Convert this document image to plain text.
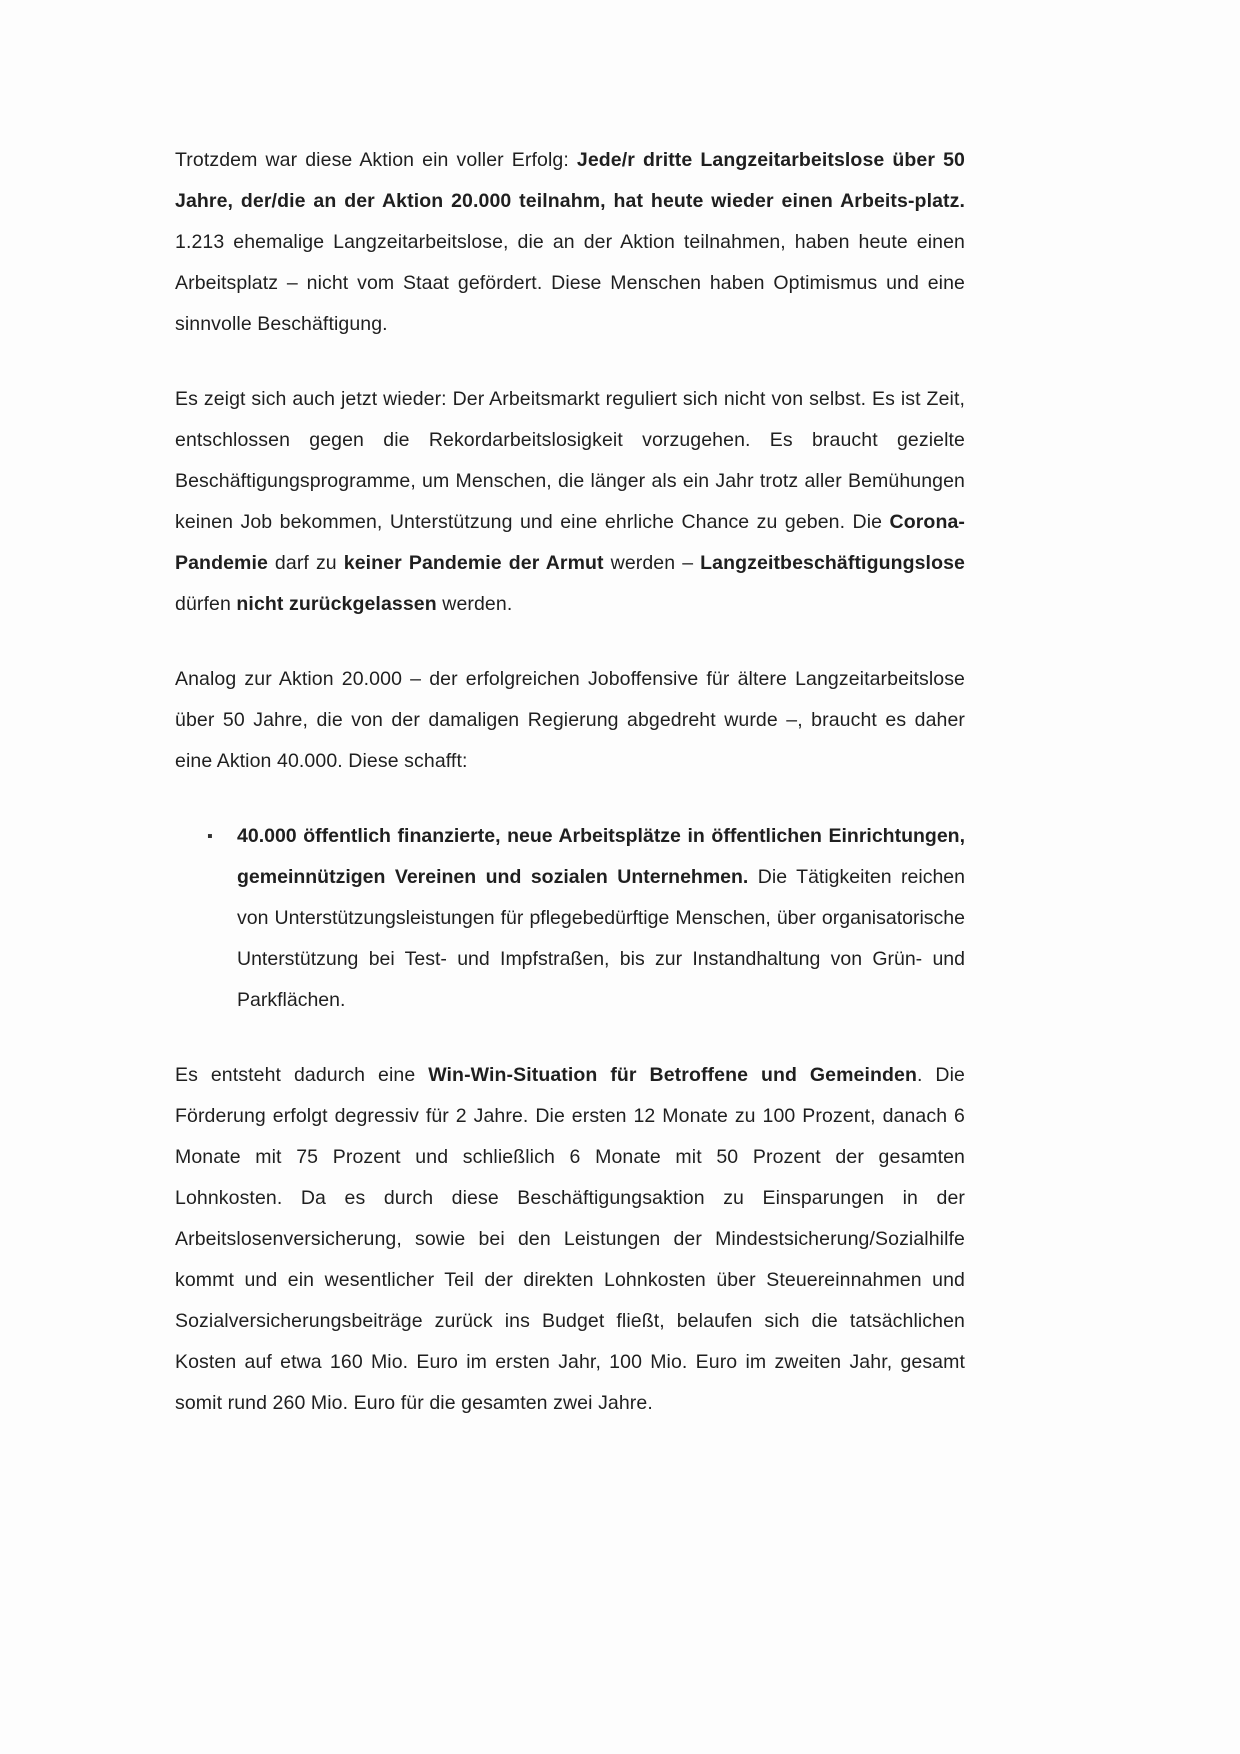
Trotzdem war diese Aktion ein voller Erfolg: Jede/r dritte Langzeitarbeitslose über 50 Jahre, der/die an der Aktion 20.000 teilnahm, hat heute wieder einen Arbeits-platz. 1.213 ehemalige Langzeitarbeitslose, die an der Aktion teilnahmen, haben heute einen Arbeitsplatz – nicht vom Staat gefördert. Diese Menschen haben Optimismus und eine sinnvolle Beschäftigung.

Es zeigt sich auch jetzt wieder: Der Arbeitsmarkt reguliert sich nicht von selbst. Es ist Zeit, entschlossen gegen die Rekordarbeitslosigkeit vorzugehen. Es braucht gezielte Beschäftigungsprogramme, um Menschen, die länger als ein Jahr trotz aller Bemühungen keinen Job bekommen, Unterstützung und eine ehrliche Chance zu geben. Die Corona-Pandemie darf zu keiner Pandemie der Armut werden – Langzeitbeschäftigungslose dürfen nicht zurückgelassen werden.

Analog zur Aktion 20.000 – der erfolgreichen Joboffensive für ältere Langzeitarbeitslose über 50 Jahre, die von der damaligen Regierung abgedreht wurde –, braucht es daher eine Aktion 40.000. Diese schafft:

▪ 40.000 öffentlich finanzierte, neue Arbeitsplätze in öffentlichen Einrichtungen, gemeinnützigen Vereinen und sozialen Unternehmen. Die Tätigkeiten reichen von Unterstützungsleistungen für pflegebedürftige Menschen, über organisatorische Unterstützung bei Test- und Impfstraßen, bis zur Instandhaltung von Grün- und Parkflächen.

Es entsteht dadurch eine Win-Win-Situation für Betroffene und Gemeinden. Die Förderung erfolgt degressiv für 2 Jahre. Die ersten 12 Monate zu 100 Prozent, danach 6 Monate mit 75 Prozent und schließlich 6 Monate mit 50 Prozent der gesamten Lohnkosten. Da es durch diese Beschäftigungsaktion zu Einsparungen in der Arbeitslosenversicherung, sowie bei den Leistungen der Mindestsicherung/Sozialhilfe kommt und ein wesentlicher Teil der direkten Lohnkosten über Steuereinnahmen und Sozialversicherungsbeiträge zurück ins Budget fließt, belaufen sich die tatsächlichen Kosten auf etwa 160 Mio. Euro im ersten Jahr, 100 Mio. Euro im zweiten Jahr, gesamt somit rund 260 Mio. Euro für die gesamten zwei Jahre.
